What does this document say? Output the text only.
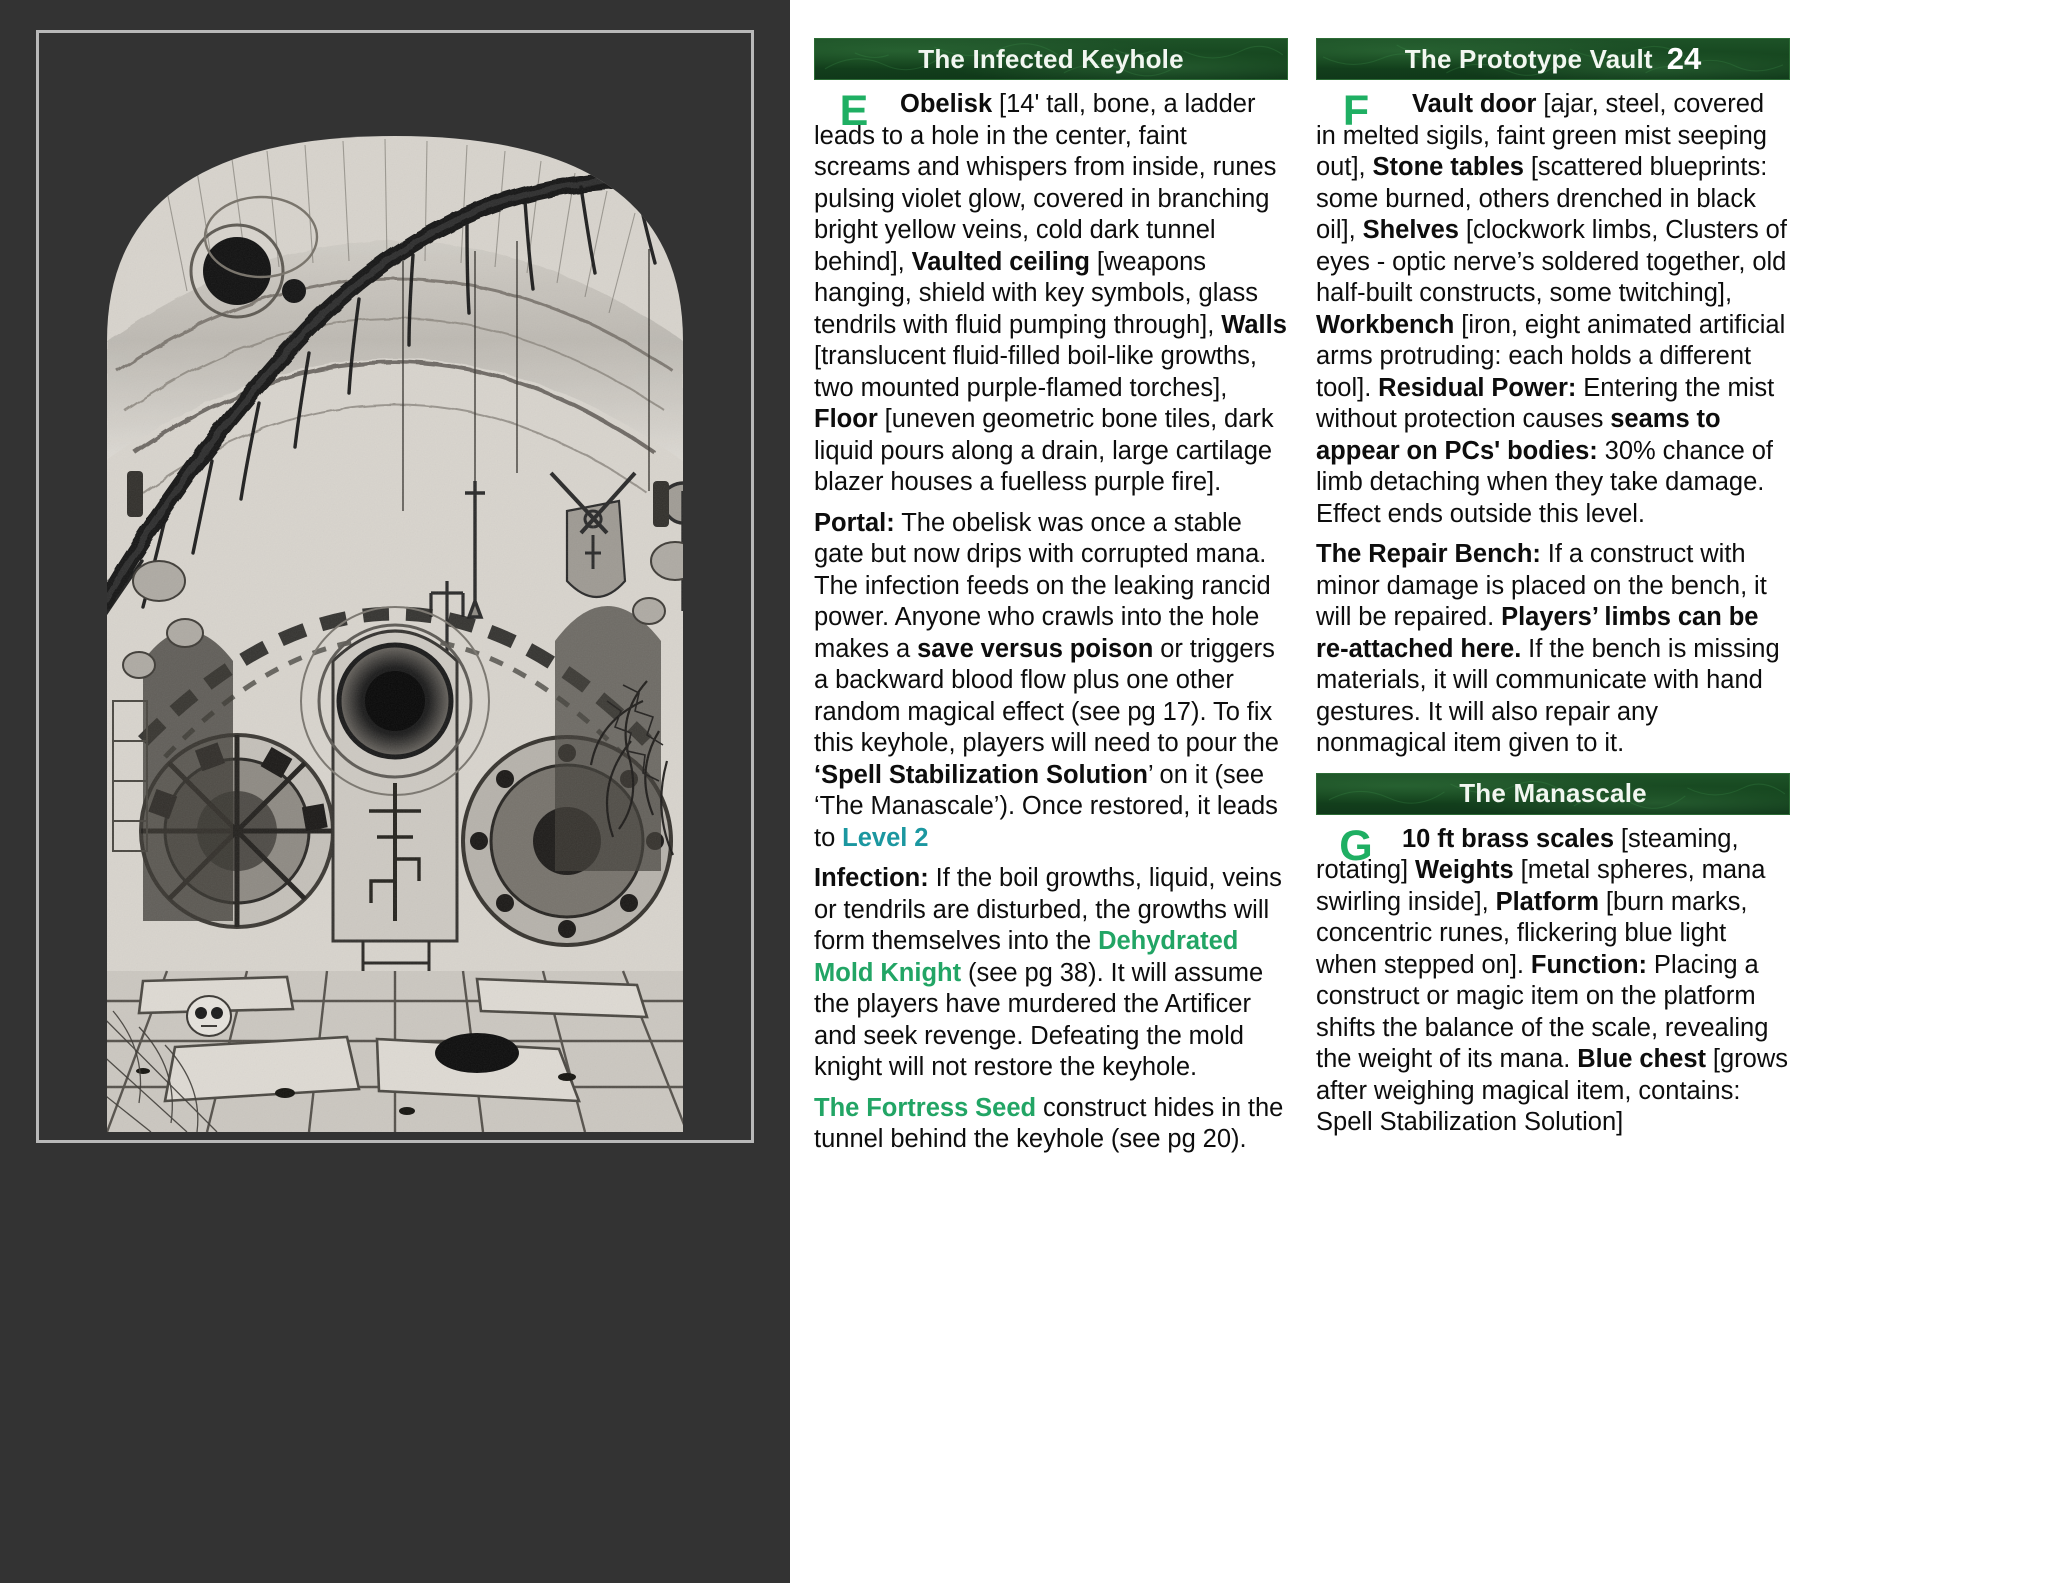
The Infected Keyhole
E	Obelisk [14' tall, bone, a ladder leads to a hole in the center, faint screams and whispers from inside, runes pulsing violet glow, covered in branching bright yellow veins, cold dark tunnel behind], Vaulted ceiling [weapons hanging, shield with key symbols, glass tendrils with fluid pumping through], Walls [translucent fluid-filled boil-like growths, two mounted purple-flamed torches], Floor [uneven geometric bone tiles, dark liquid pours along a drain, large cartilage blazer houses a fuelless purple fire].

Portal: The obelisk was once a stable gate but now drips with corrupted mana. The infection feeds on the leaking rancid power. Anyone who crawls into the hole makes a save versus poison or triggers a backward blood flow plus one other random magical effect (see pg 17). To fix this keyhole, players will need to pour the ‘Spell Stabilization Solution’ on it (see ‘The Manascale’). Once restored, it leads to Level 2

Infection: If the boil growths, liquid, veins or tendrils are disturbed, the growths will form themselves into the Dehydrated Mold Knight (see pg 38). It will assume the players have murdered the Artificer and seek revenge. Defeating the mold knight will not restore the keyhole.

The Fortress Seed construct hides in the tunnel behind the keyhole (see pg 20).

The Prototype Vault 24
F	Vault door [ajar, steel, covered in melted sigils, faint green mist seeping out], Stone tables [scattered blueprints: some burned, others drenched in black oil], Shelves [clockwork limbs, Clusters of eyes - optic nerve’s soldered together, old half-built constructs, some twitching], Workbench [iron, eight animated artificial arms protruding: each holds a different tool]. Residual Power: Entering the mist without protection causes seams to appear on PCs' bodies: 30% chance of limb detaching when they take damage. Effect ends outside this level.

The Repair Bench: If a construct with minor damage is placed on the bench, it will be repaired. Players’ limbs can be re-attached here. If the bench is missing materials, it will communicate with hand gestures. It will also repair any nonmagical item given to it.

The Manascale
G	10 ft brass scales [steaming, rotating] Weights [metal spheres, mana swirling inside], Platform [burn marks, concentric runes, flickering blue light when stepped on]. Function: Placing a construct or magic item on the platform shifts the balance of the scale, revealing the weight of its mana. Blue chest [grows after weighing magical item, contains: Spell Stabilization Solution]
